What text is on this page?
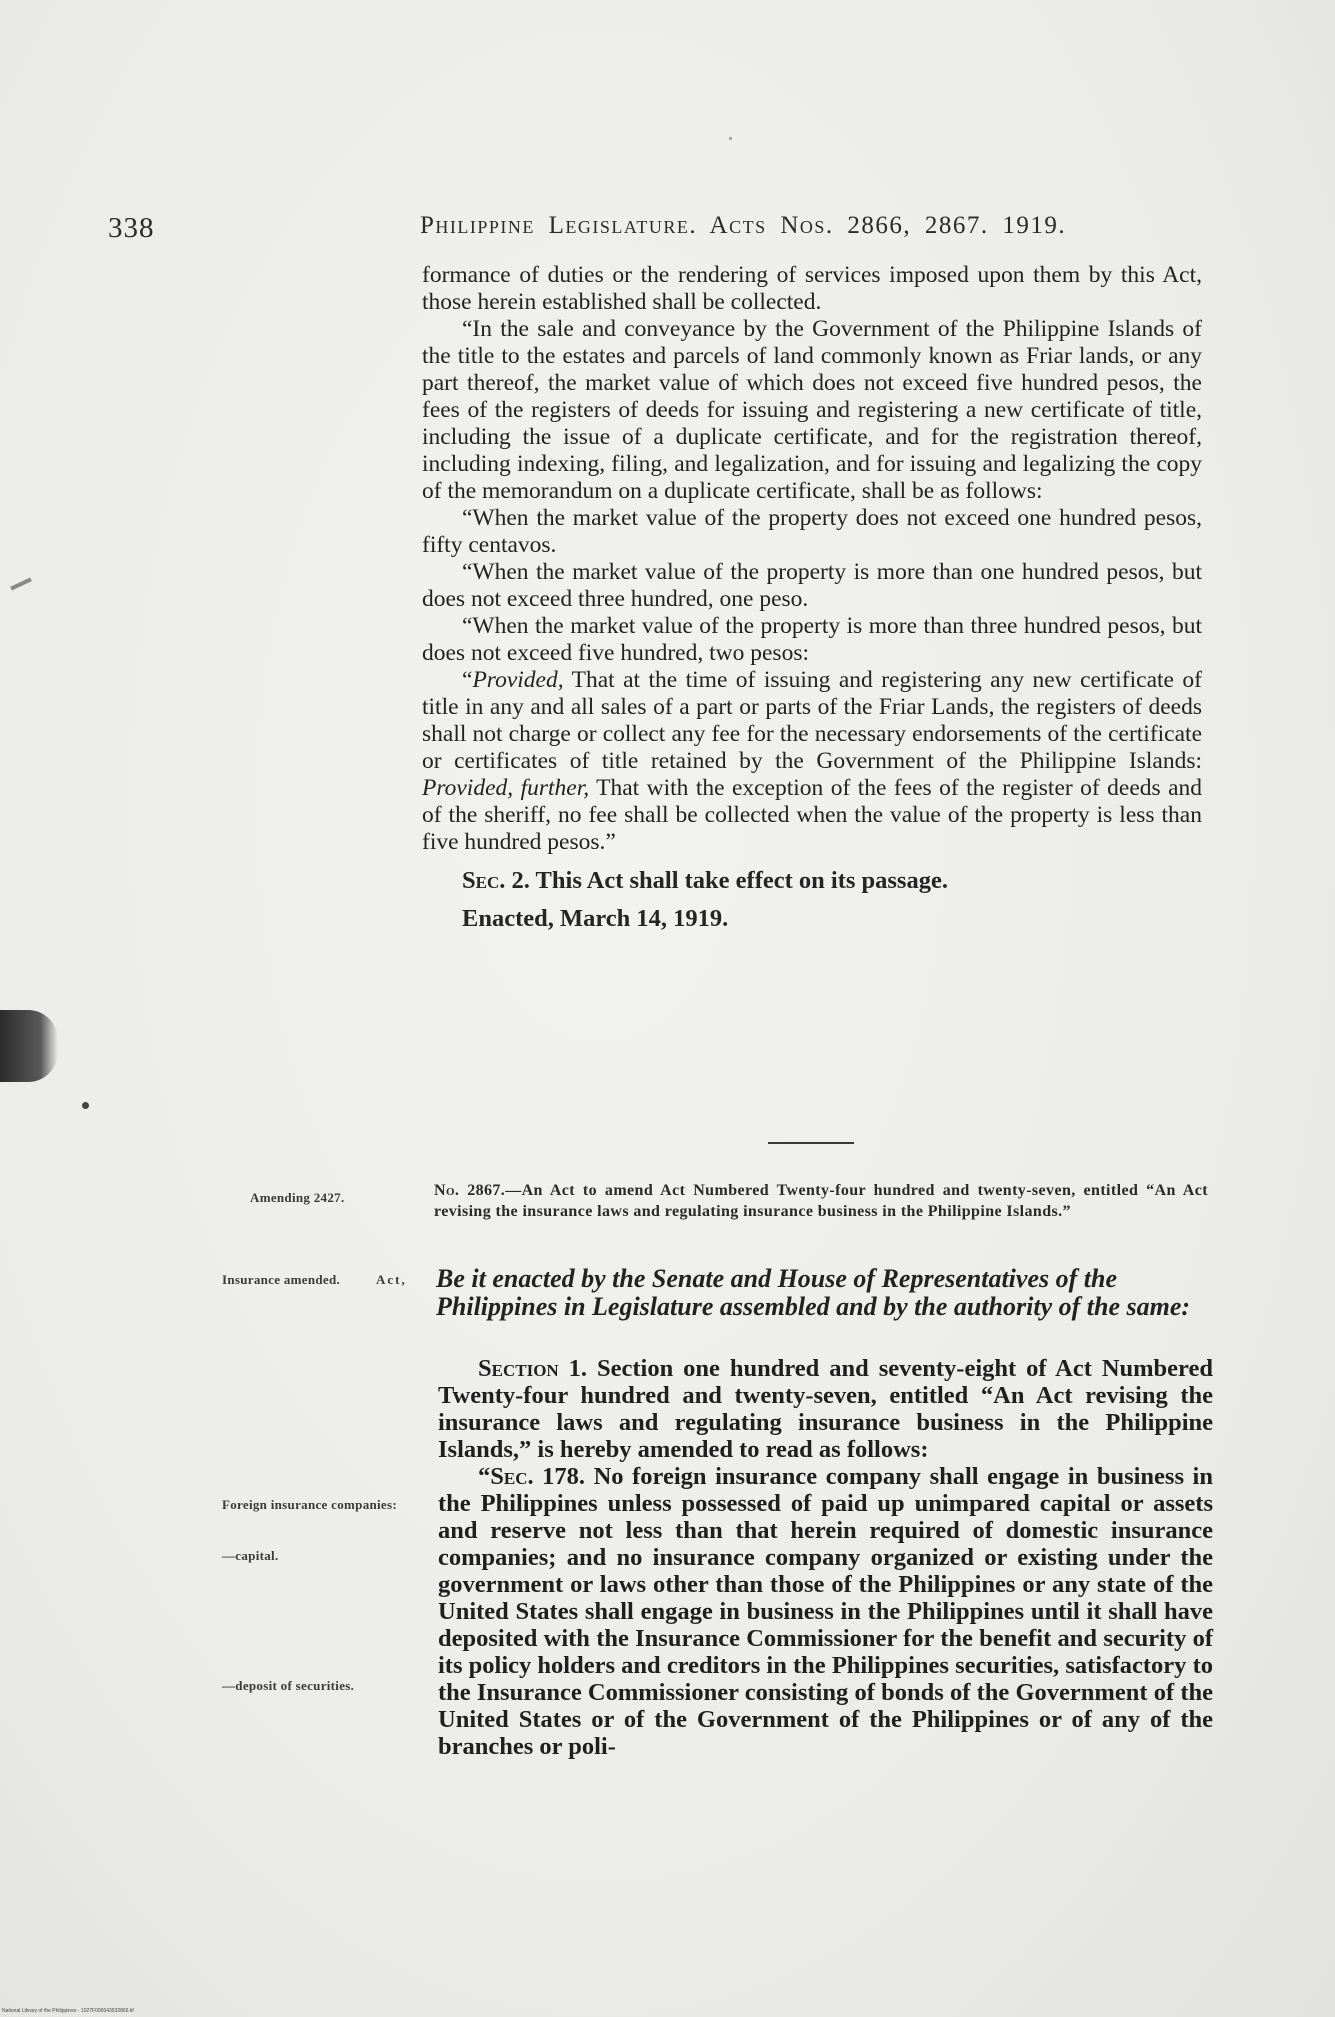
338	Philippine Legislature. Acts Nos. 2866, 2867. 1919.

formance of duties or the rendering of services imposed upon them by this Act, those herein established shall be collected.

“In the sale and conveyance by the Government of the Philippine Islands of the title to the estates and parcels of land commonly known as Friar lands, or any part thereof, the market value of which does not exceed five hundred pesos, the fees of the registers of deeds for issuing and registering a new certificate of title, including the issue of a duplicate certificate, and for the registration thereof, including indexing, filing, and legalization, and for issuing and legalizing the copy of the memorandum on a duplicate certificate, shall be as follows:

“When the market value of the property does not exceed one hundred pesos, fifty centavos.

“When the market value of the property is more than one hundred pesos, but does not exceed three hundred, one peso.

“When the market value of the property is more than three hundred pesos, but does not exceed five hundred, two pesos:

“Provided, That at the time of issuing and registering any new certificate of title in any and all sales of a part or parts of the Friar Lands, the registers of deeds shall not charge or collect any fee for the necessary endorsements of the certificate or certificates of title retained by the Government of the Philippine Islands: Provided, further, That with the exception of the fees of the register of deeds and of the sheriff, no fee shall be collected when the value of the property is less than five hundred pesos.”

Sec. 2. This Act shall take effect on its passage.

Enacted, March 14, 1919.

Amending 2427.	No. 2867.—An Act to amend Act Numbered Twenty-four hundred and twenty-seven, entitled “An Act revising the insurance laws and regulating insurance business in the Philippine Islands.”
Insurance amended.	Act, Be it enacted by the Senate and House of Representatives of the Philippines in Legislature assembled and by the authority of the same:
Foreign insurance companies:
—capital.
—deposit of securities.

Section 1. Section one hundred and seventy-eight of Act Numbered Twenty-four hundred and twenty-seven, entitled “An Act revising the insurance laws and regulating insurance business in the Philippine Islands,” is hereby amended to read as follows:

“Sec. 178. No foreign insurance company shall engage in business in the Philippines unless possessed of paid up unimpared capital or assets and reserve not less than that herein required of domestic insurance companies; and no insurance company organized or existing under the government or laws other than those of the Philippines or any state of the United States shall engage in business in the Philippines until it shall have deposited with the Insurance Commissioner for the benefit and security of its policy holders and creditors in the Philippines securities, satisfactory to the Insurance Commissioner consisting of bonds of the Government of the United States or of the Government of the Philippines or of any of the branches or poli-

National Library of the Philippines · 1027F000043932866.tif
